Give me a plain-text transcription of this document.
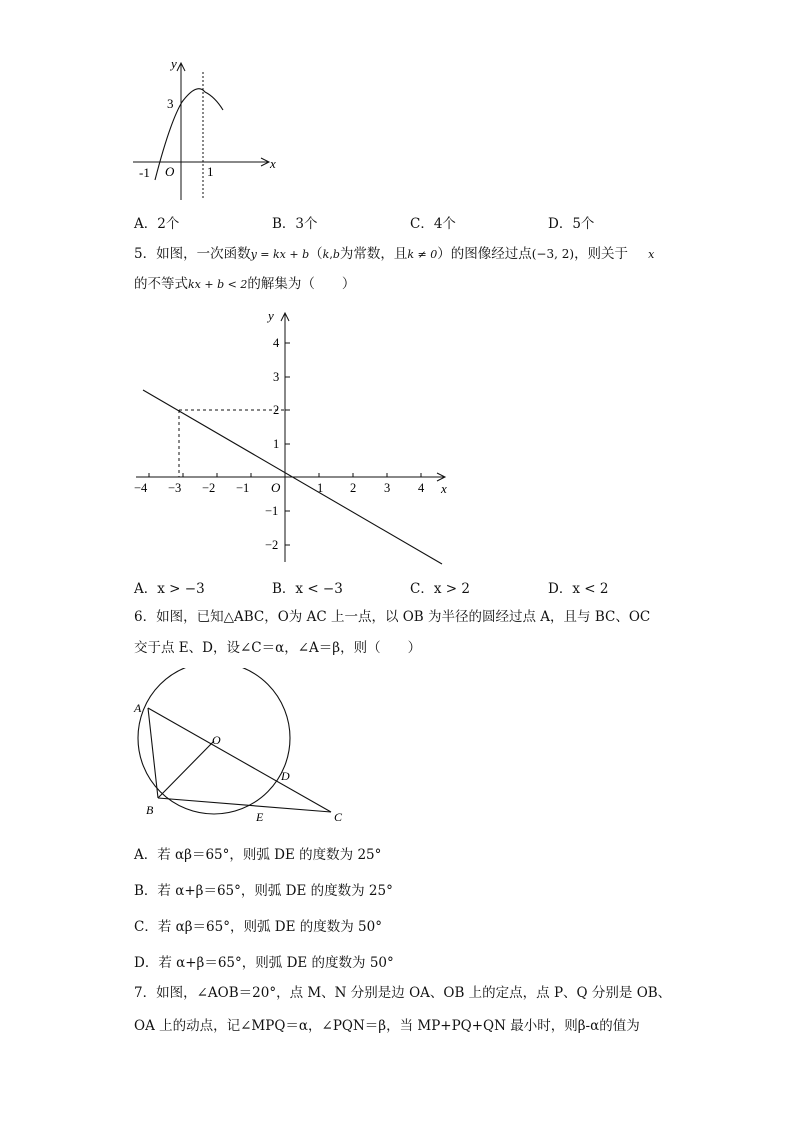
y
x
3
-1 O	1
A．2个	B．3个	C．4个	D．5个
5．如图，一次函数y = kx + b（k,b为常数，且k ≠ 0）的图像经过点(−3, 2)，则关于 x
的不等式kx + b < 2的解集为（　　）
y
x
O
−4 −3 −2 −1	1 2 3 4
4
3
2
1
−1
−2
A．x > −3	B．x < −3	C．x > 2	D．x < 2
6．如图，已知△ABC，O为 AC 上一点，以 OB 为半径的圆经过点 A，且与 BC、OC
交于点 E、D，设∠C＝α，∠A＝β，则（　　）
A
B	C
O
D
E
A．若 αβ＝65°，则弧 DE 的度数为 25°
B．若 α+β＝65°，则弧 DE 的度数为 25°
C．若 αβ＝65°，则弧 DE 的度数为 50°
D．若 α+β＝65°，则弧 DE 的度数为 50°
7．如图，∠AOB＝20°，点 M、N 分别是边 OA、OB 上的定点，点 P、Q 分别是 OB、
OA 上的动点，记∠MPQ＝α，∠PQN＝β，当 MP+PQ+QN 最小时，则β-α的值为
